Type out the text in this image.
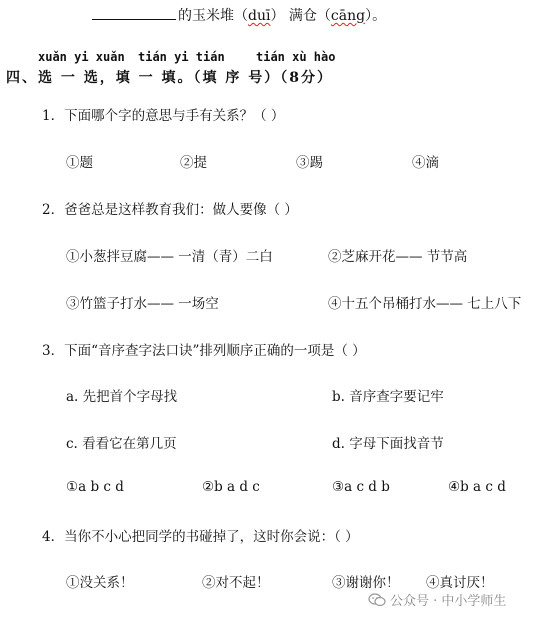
的玉米堆（duī） 满仓（cāng）。
xuǎn yi xuǎn tián yi tián	tián xù hào
四、选 一 选，填 一 填。（填 序 号）（8分）
1．下面哪个字的意思与手有关系？（ ）
①题	②提	③踢	④滴
2．爸爸总是这样教育我们：做人要像（ ）
①小葱拌豆腐—— 一清（青）二白	②芝麻开花—— 节节高
③竹篮子打水—— 一场空	④十五个吊桶打水—— 七上八下
3．下面“音序查字法口诀”排列顺序正确的一项是（ ）
a. 先把首个字母找	b. 音序查字要记牢
c. 看看它在第几页	d. 字母下面找音节
①a b c d	②b a d c	③a c d b	④b a c d
4．当你不小心把同学的书碰掉了，这时你会说：（ ）
①没关系！	②对不起！	③谢谢你！ ④真讨厌！
公众号 · 中小学师生
